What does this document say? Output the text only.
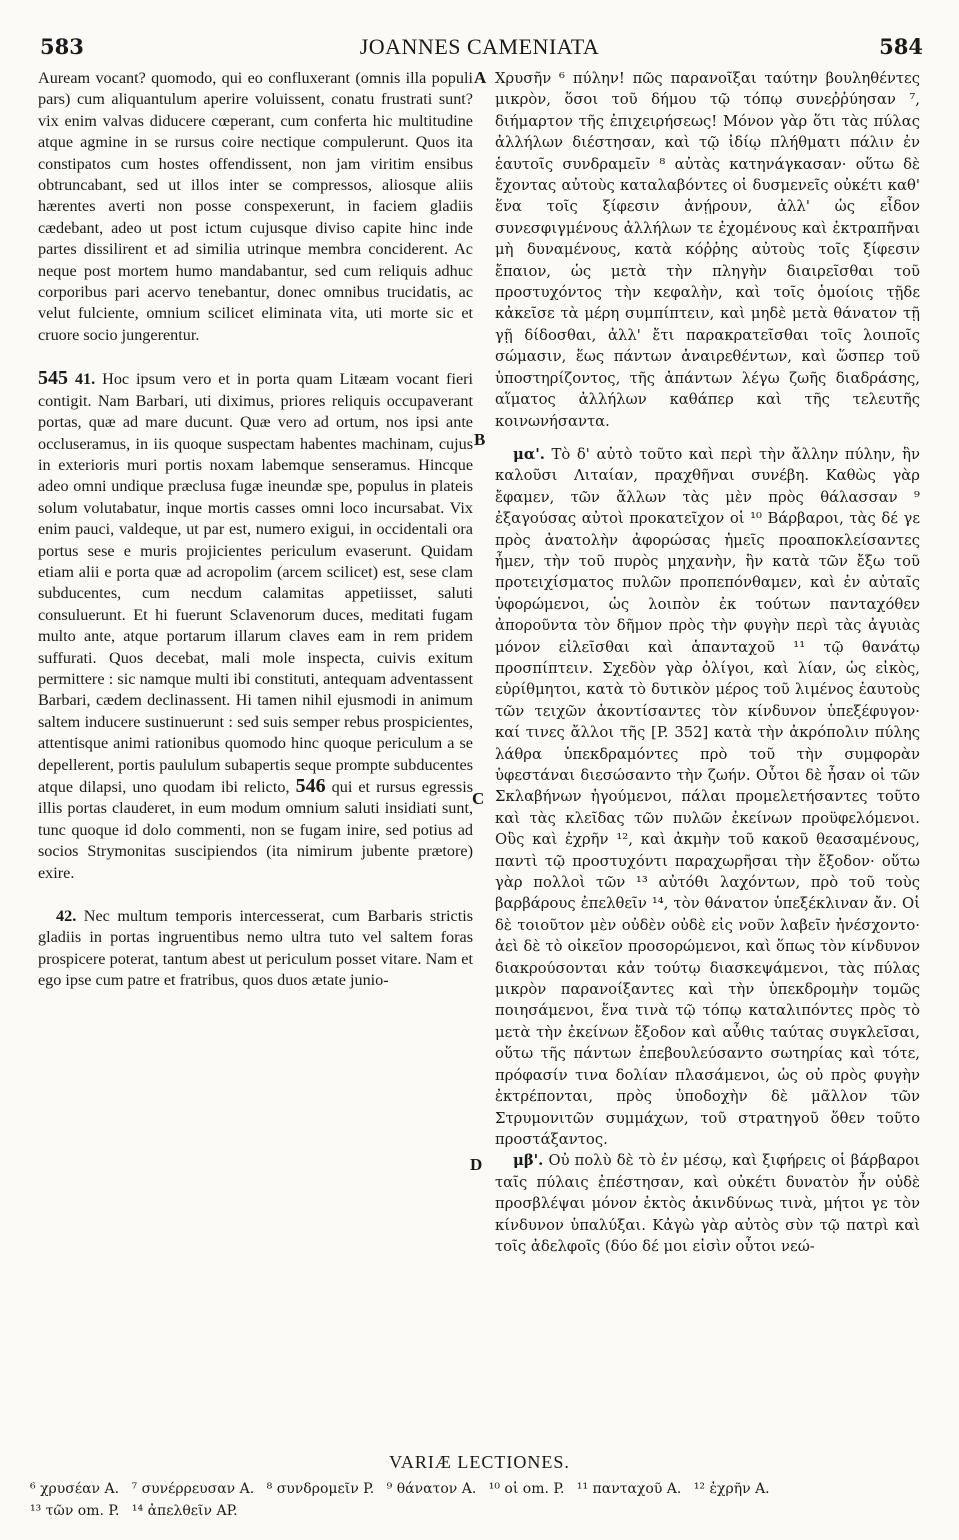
583	JOANNES CAMENIATA	584
A
B
C
D

Auream vocant? quomodo, qui eo confluxerant (omnis illa populi pars) cum aliquantulum aperire voluissent, conatu frustrati sunt? vix enim valvas diducere cœperant, cum conferta hic multitudine atque agmine in se rursus coire nectique compulerunt. Quos ita constipatos cum hostes offendissent, non jam viritim ensibus obtruncabant, sed ut illos inter se compressos, aliosque aliis hærentes averti non posse conspexerunt, in faciem gladiis cædebant, adeo ut post ictum cujusque diviso capite hinc inde partes dissilirent et ad similia utrinque membra conciderent. Ac neque post mortem humo mandabantur, sed cum reliquis adhuc corporibus pari acervo tenebantur, donec omnibus trucidatis, ac velut fulciente, omnium scilicet eliminata vita, uti morte sic et cruore socio jungerentur.

545 41. Hoc ipsum vero et in porta quam Litæam vocant fieri contigit. Nam Barbari, uti diximus, priores reliquis occupaverant portas, quæ ad mare ducunt. Quæ vero ad ortum, nos ipsi ante occluseramus, in iis quoque suspectam habentes machinam, cujus in exterioris muri portis noxam labemque senseramus. Hincque adeo omni undique præclusa fugæ ineundæ spe, populus in plateis solum volutabatur, inque mortis casses omni loco incursabat. Vix enim pauci, valdeque, ut par est, numero exigui, in occidentali ora portus sese e muris projicientes periculum evaserunt. Quidam etiam alii e porta quæ ad acropolim (arcem scilicet) est, sese clam subducentes, cum necdum calamitas appetiisset, saluti consuluerunt. Et hi fuerunt Sclavenorum duces, meditati fugam multo ante, atque portarum illarum claves eam in rem pridem suffurati. Quos decebat, mali mole inspecta, cuivis exitum permittere : sic namque multi ibi constituti, antequam adventassent Barbari, cædem declinassent. Hi tamen nihil ejusmodi in animum saltem inducere sustinuerunt : sed suis semper rebus prospicientes, attentisque animi rationibus quomodo hinc quoque periculum a se depellerent, portis paululum subapertis seque prompte subducentes atque dilapsi, uno quodam ibi relicto, 546 qui et rursus egressis illis portas clauderet, in eum modum omnium saluti insidiati sunt, tunc quoque id dolo commenti, non se fugam inire, sed potius ad socios Strymonitas suscipiendos (ita nimirum jubente prætore) exire.

42. Nec multum temporis intercesserat, cum Barbaris strictis gladiis in portas ingruentibus nemo ultra tuto vel saltem foras prospicere poterat, tantum abest ut periculum posset vitare. Nam et ego ipse cum patre et fratribus, quos duos ætate junio-

Χρυσῆν ⁶ πύλην! πῶς παρανοῖξαι ταύτην βουληθέντες μικρὸν, ὅσοι τοῦ δήμου τῷ τόπῳ συνεῤῥύησαν ⁷, διήμαρτον τῆς ἐπιχειρήσεως! Μόνον γὰρ ὅτι τὰς πύλας ἀλλήλων διέστησαν, καὶ τῷ ἰδίῳ πλήθματι πάλιν ἐν ἑαυτοῖς συνδραμεῖν ⁸ αὐτὰς κατηνάγκασαν· οὕτω δὲ ἔχοντας αὐτοὺς καταλαβόντες οἱ δυσμενεῖς οὐκέτι καθ' ἕνα τοῖς ξίφεσιν ἀνῄρουν, ἀλλ' ὡς εἶδον συνεσφιγμένους ἀλλήλων τε ἐχομένους καὶ ἐκτραπῆναι μὴ δυναμένους, κατὰ κόῤῥης αὐτοὺς τοῖς ξίφεσιν ἔπαιον, ὡς μετὰ τὴν πληγὴν διαιρεῖσθαι τοῦ προστυχόντος τὴν κεφαλὴν, καὶ τοῖς ὁμοίοις τῇδε κἀκεῖσε τὰ μέρη συμπίπτειν, καὶ μηδὲ μετὰ θάνατον τῇ γῇ δίδοσθαι, ἀλλ' ἔτι παρακρατεῖσθαι τοῖς λοιποῖς σώμασιν, ἕως πάντων ἀναιρεθέντων, καὶ ὥσπερ τοῦ ὑποστηρίζοντος, τῆς ἁπάντων λέγω ζωῆς διαδράσης, αἵματος ἀλλήλων καθάπερ καὶ τῆς τελευτῆς κοινωνήσαντα.

μα'. Τὸ δ' αὐτὸ τοῦτο καὶ περὶ τὴν ἄλλην πύλην, ἣν καλοῦσι Λιταίαν, πραχθῆναι συνέβη. Καθὼς γὰρ ἔφαμεν, τῶν ἄλλων τὰς μὲν πρὸς θάλασσαν ⁹ ἐξαγούσας αὐτοὶ προκατεῖχον οἱ ¹⁰ Βάρβαροι, τὰς δέ γε πρὸς ἀνατολὴν ἀφορώσας ἡμεῖς προαποκλείσαντες ἦμεν, τὴν τοῦ πυρὸς μηχανὴν, ἣν κατὰ τῶν ἔξω τοῦ προτειχίσματος πυλῶν προπεπόνθαμεν, καὶ ἐν αὐταῖς ὑφορώμενοι, ὡς λοιπὸν ἐκ τούτων πανταχόθεν ἀποροῦντα τὸν δῆμον πρὸς τὴν φυγὴν περὶ τὰς ἀγυιὰς μόνον εἰλεῖσθαι καὶ ἁπανταχοῦ ¹¹ τῷ θανάτῳ προσπίπτειν. Σχεδὸν γὰρ ὀλίγοι, καὶ λίαν, ὡς εἰκὸς, εὐρίθμητοι, κατὰ τὸ δυτικὸν μέρος τοῦ λιμένος ἑαυτοὺς τῶν τειχῶν ἀκοντίσαντες τὸν κίνδυνον ὑπεξέφυγον· καί τινες ἄλλοι τῆς [P. 352] κατὰ τὴν ἀκρόπολιν πύλης λάθρα ὑπεκδραμόντες πρὸ τοῦ τὴν συμφορὰν ὑφεστάναι διεσώσαντο τὴν ζωήν. Οὗτοι δὲ ἦσαν οἱ τῶν Σκλαβήνων ἡγούμενοι, πάλαι προμελετήσαντες τοῦτο καὶ τὰς κλεῖδας τῶν πυλῶν ἐκείνων προϋφελόμενοι. Οὓς καὶ ἐχρῆν ¹², καὶ ἀκμὴν τοῦ κακοῦ θεασαμένους, παντὶ τῷ προστυχόντι παραχωρῆσαι τὴν ἔξοδον· οὕτω γὰρ πολλοὶ τῶν ¹³ αὐτόθι λαχόντων, πρὸ τοῦ τοὺς βαρβάρους ἐπελθεῖν ¹⁴, τὸν θάνατον ὑπεξέκλιναν ἄν. Οἱ δὲ τοιοῦτον μὲν οὐδὲν οὐδὲ εἰς νοῦν λαβεῖν ἠνέσχοντο· ἀεὶ δὲ τὸ οἰκεῖον προσορώμενοι, καὶ ὅπως τὸν κίνδυνον διακρούσονται κἀν τούτῳ διασκεψάμενοι, τὰς πύλας μικρὸν παρανοίξαντες καὶ τὴν ὑπεκδρομὴν τομῶς ποιησάμενοι, ἕνα τινὰ τῷ τόπῳ καταλιπόντες πρὸς τὸ μετὰ τὴν ἐκείνων ἔξοδον καὶ αὖθις ταύτας συγκλεῖσαι, οὕτω τῆς πάντων ἐπεβουλεύσαντο σωτηρίας καὶ τότε, πρόφασίν τινα δολίαν πλασάμενοι, ὡς οὐ πρὸς φυγὴν ἐκτρέπονται, πρὸς ὑποδοχὴν δὲ μᾶλλον τῶν Στρυμονιτῶν συμμάχων, τοῦ στρατηγοῦ ὅθεν τοῦτο προστάξαντος.

μβ'. Οὐ πολὺ δὲ τὸ ἐν μέσῳ, καὶ ξιφήρεις οἱ βάρβαροι ταῖς πύλαις ἐπέστησαν, καὶ οὐκέτι δυνατὸν ἦν οὐδὲ προσβλέψαι μόνον ἐκτὸς ἀκινδύνως τινὰ, μήτοι γε τὸν κίνδυνον ὑπαλύξαι. Κἀγὼ γὰρ αὐτὸς σὺν τῷ πατρὶ καὶ τοῖς ἀδελφοῖς (δύο δέ μοι εἰσὶν οὗτοι νεώ-

VARIÆ LECTIONES.
⁶ χρυσέαν A. ⁷ συνέρρευσαν A. ⁸ συνδρομεῖν P. ⁹ θάνατον A. ¹⁰ οἱ om. P. ¹¹ πανταχοῦ A. ¹² ἐχρῆν A.
¹³ τῶν om. P. ¹⁴ ἀπελθεῖν AP.
